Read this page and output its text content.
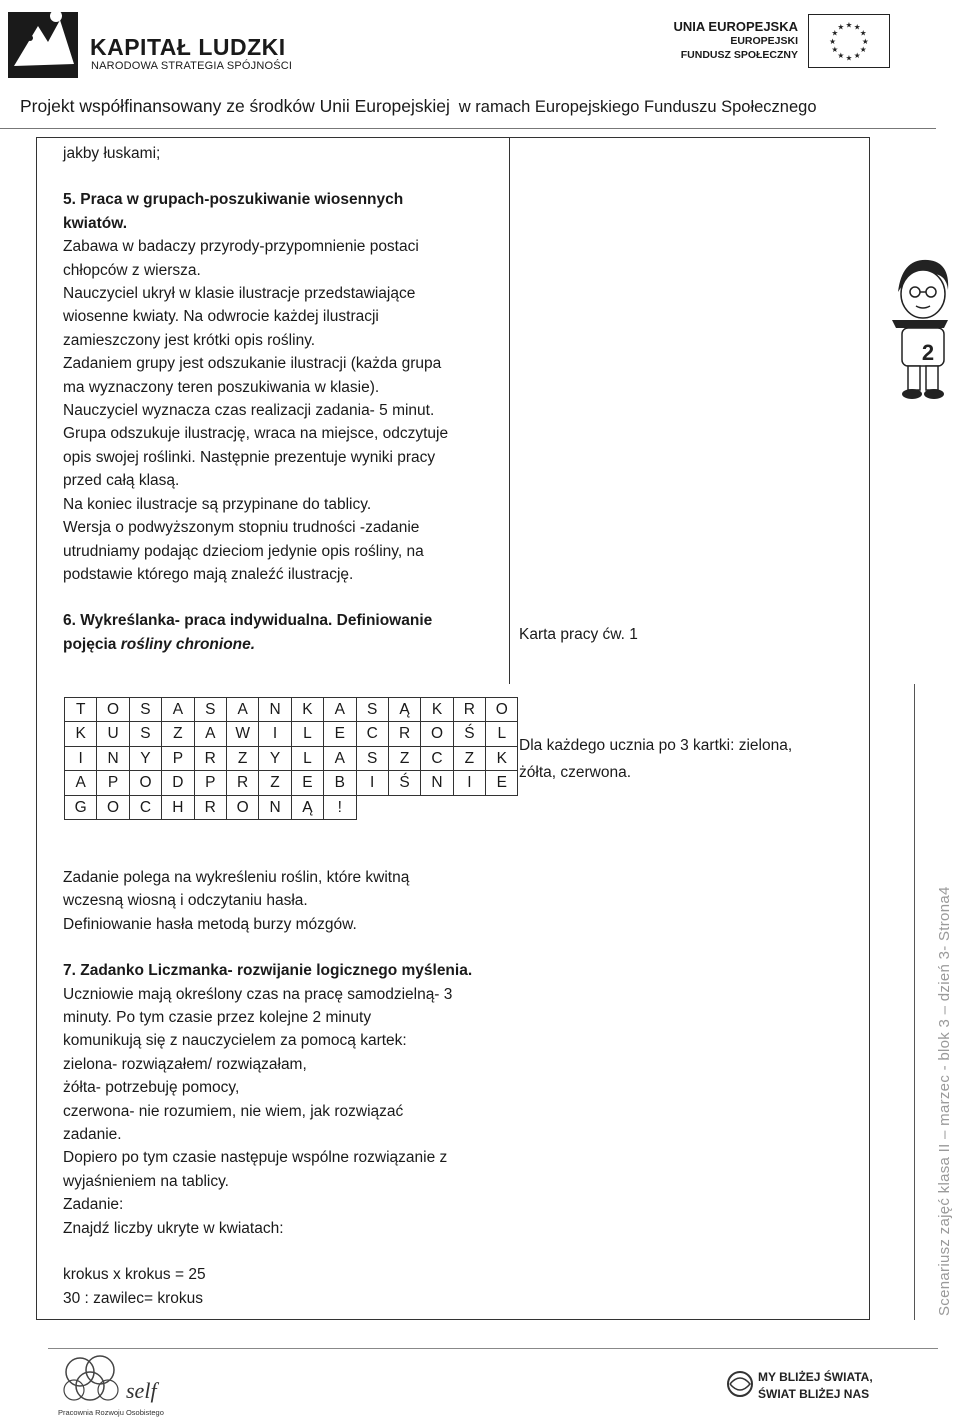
KAPITAŁ LUDZKI
NARODOWA STRATEGIA SPÓJNOŚCI
UNIA EUROPEJSKA
EUROPEJSKI
FUNDUSZ SPOŁECZNY
★
★
★
★
★
★
★
★
★ ★ ★
★
Projekt współfinansowany ze środków Unii Europejskiej w ramach Europejskiego Funduszu Społecznego

jakby łuskami;

5. Praca w grupach-poszukiwanie wiosennych

kwiatów.

Zabawa w badaczy przyrody-przypomnienie postaci

chłopców z wiersza.

Nauczyciel ukrył w klasie ilustracje przedstawiające

wiosenne kwiaty. Na odwrocie każdej ilustracji

zamieszczony jest krótki opis rośliny.

Zadaniem grupy jest odszukanie ilustracji (każda grupa

ma wyznaczony teren poszukiwania w klasie).

Nauczyciel wyznacza czas realizacji zadania- 5 minut.

Grupa odszukuje ilustrację, wraca na miejsce, odczytuje

opis swojej roślinki. Następnie prezentuje wyniki pracy

przed całą klasą.

Na koniec ilustracje są przypinane do tablicy.

Wersja o podwyższonym stopniu trudności -zadanie

utrudniamy podając dzieciom jedynie opis rośliny, na

podstawie którego mają znaleźć ilustrację.

6. Wykreślanka- praca indywidualna. Definiowanie

pojęcia rośliny chronione.

Karta pracy ćw. 1
T	O	S	A	S	A	N	K	A	S	Ą	K	R	O
K	U	S	Z	A	W	I	L	E	C	R	O	Ś	L
I	N	Y	P	R	Z	Y	L	A	S	Z	C	Z	K
A	P	O	D	P	R	Z	E	B	I	Ś	N	I	E
G	O	C	H	R	O	N	Ą	!					
Dla każdego ucznia po 3 kartki: zielona,
żółta, czerwona.

Zadanie polega na wykreśleniu roślin, które kwitną

wczesną wiosną i odczytaniu hasła.

Definiowanie hasła metodą burzy mózgów.

7. Zadanko Liczmanka- rozwijanie logicznego myślenia.

Uczniowie mają określony czas na pracę samodzielną- 3

minuty. Po tym czasie przez kolejne 2 minuty

komunikują się z nauczycielem za pomocą kartek:

zielona- rozwiązałem/ rozwiązałam,

żółta- potrzebuję pomocy,

czerwona- nie rozumiem, nie wiem, jak rozwiązać

zadanie.

Dopiero po tym czasie następuje wspólne rozwiązanie z

wyjaśnieniem na tablicy.

Zadanie:

Znajdź liczby ukryte w kwiatach:

krokus x krokus = 25

30 : zawilec= krokus

2
Scenariusz zajęć klasa II – marzec - blok 3 – dzień 3- Strona4
self
Pracownia Rozwoju Osobistego
MY BLIŻEJ ŚWIATA,
ŚWIAT BLIŻEJ NAS
